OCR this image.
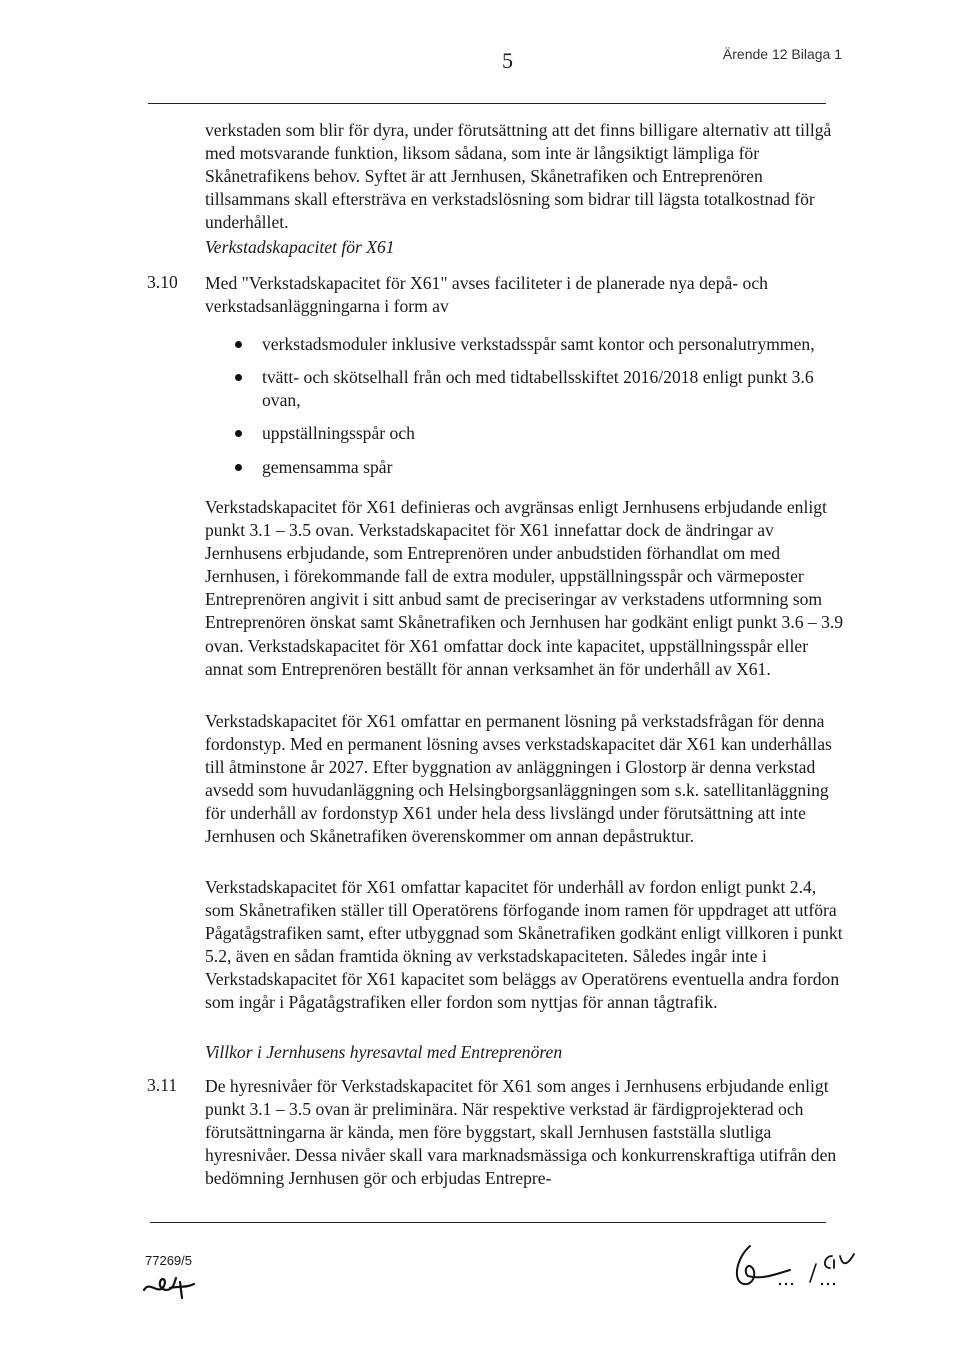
5	Ärende 12 Bilaga 1
verkstaden som blir för dyra, under förutsättning att det finns billigare alternativ att tillgå med motsvarande funktion, liksom sådana, som inte är långsiktigt lämpliga för Skånetrafikens behov. Syftet är att Jernhusen, Skånetrafiken och Entreprenören tillsammans skall eftersträva en verkstadslösning som bidrar till lägsta totalkostnad för underhållet.
Verkstadskapacitet för X61
3.10 Med "Verkstadskapacitet för X61" avses faciliteter i de planerade nya depå- och verkstadsanläggningarna i form av
verkstadsmoduler inklusive verkstadsspår samt kontor och personalutrymmen,
tvätt- och skötselhall från och med tidtabellsskiftet 2016/2018 enligt punkt 3.6 ovan,
uppställningsspår och
gemensamma spår
Verkstadskapacitet för X61 definieras och avgränsas enligt Jernhusens erbjudande enligt punkt 3.1 – 3.5 ovan. Verkstadskapacitet för X61 innefattar dock de ändringar av Jernhusens erbjudande, som Entreprenören under anbudstiden förhandlat om med Jernhusen, i förekommande fall de extra moduler, uppställningsspår och värmeposter Entreprenören angivit i sitt anbud samt de preciseringar av verkstadens utformning som Entreprenören önskat samt Skånetrafiken och Jernhusen har godkänt enligt punkt 3.6 – 3.9 ovan. Verkstadskapacitet för X61 omfattar dock inte kapacitet, uppställningsspår eller annat som Entreprenören beställt för annan verksamhet än för underhåll av X61.
Verkstadskapacitet för X61 omfattar en permanent lösning på verkstadsfrågan för denna fordonstyp. Med en permanent lösning avses verkstadskapacitet där X61 kan underhållas till åtminstone år 2027. Efter byggnation av anläggningen i Glostorp är denna verkstad avsedd som huvudanläggning och Helsingborgsanläggningen som s.k. satellitanläggning för underhåll av fordonstyp X61 under hela dess livslängd under förutsättning att inte Jernhusen och Skånetrafiken överenskommer om annan depåstruktur.
Verkstadskapacitet för X61 omfattar kapacitet för underhåll av fordon enligt punkt 2.4, som Skånetrafiken ställer till Operatörens förfogande inom ramen för uppdraget att utföra Pågatågstrafiken samt, efter utbyggnad som Skånetrafiken godkänt enligt villkoren i punkt 5.2, även en sådan framtida ökning av verkstadskapaciteten. Således ingår inte i Verkstadskapacitet för X61 kapacitet som beläggs av Operatörens eventuella andra fordon som ingår i Pågatågstrafiken eller fordon som nyttjas för annan tågtrafik.
Villkor i Jernhusens hyresavtal med Entreprenören
3.11 De hyresnivåer för Verkstadskapacitet för X61 som anges i Jernhusens erbjudande enligt punkt 3.1 – 3.5 ovan är preliminära. När respektive verkstad är färdigprojekterad och förutsättningarna är kända, men före byggstart, skall Jernhusen fastställa slutliga hyresnivåer. Dessa nivåer skall vara marknadsmässiga och konkurrenskraftiga utifrån den bedömning Jernhusen gör och erbjudas Entrepre-
77269/5
